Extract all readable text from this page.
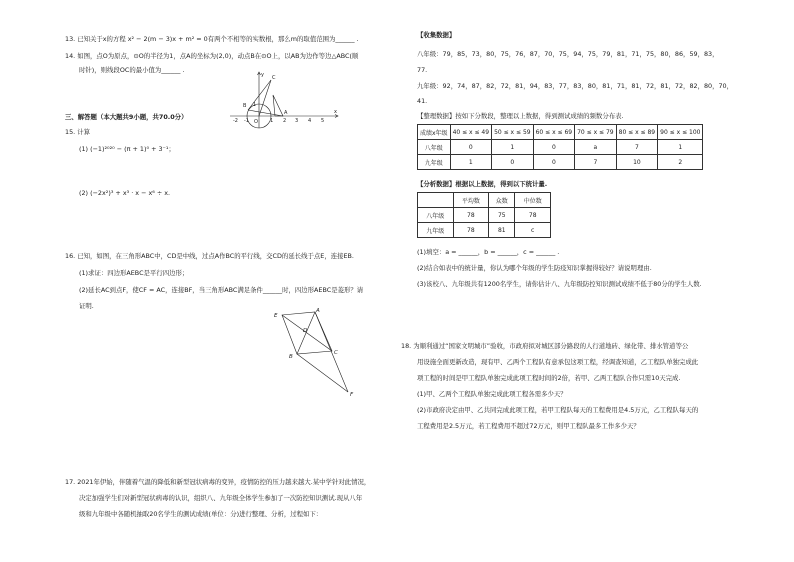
13. 已知关于x的方程 x² − 2(m − 3)x + m² = 0有两个不相等的实数根，那么m的取值范围为______ .
14. 如图，点O为原点，⊙O的半径为1，点A的坐标为(2,0)，动点B在⊙O上，以AB为边作等边△ABC(顺
时针)，则线段OC的最小值为______ .
y
x
O
A
B
C
-2 -1	1 2 3 4 5
1
三、解答题（本大题共9小题，共70.0分）
15. 计算
(1) (−1)²⁰²⁰ − (π + 1)⁰ + 3⁻¹；
(2) (−2x²)³ + x³ · x − x⁶ ÷ x.
16. 已知，如图，在三角形ABC中，CD是中线，过点A作BC的平行线，交CD的延长线于点E，连接EB.
(1)求证：四边形AEBC是平行四边形；
(2)延长AC到点F，使CF = AC，连接BF，当三角形ABC满足条件______时，四边形AEBC是菱形？请
证明.
E
A
D
B
C
F
17. 2021年伊始，伴随着气温的降低和新型冠状病毒的变异，疫情防控的压力越来越大.某中学针对此情况，
决定加强学生们对新型冠状病毒的认识，组织八、九年级全体学生参加了一次防控知识测试.现从八年
级和九年级中各随机抽取20名学生的测试成绩(单位：分)进行整理、分析，过程如下：
【收集数据】
八年级：79，85，73，80，75，76，87，70，75，94，75，79，81，71，75，80，86，59，83，
77.
九年级：92，74，87，82，72，81，94，83，77，83，80，81，71，81，72，81，72，82，80，70，
41.
【整理数据】按如下分数段，整理以上数据，得到测试成绩的频数分布表.
成绩x年级	40 ≤ x ≤ 49	50 ≤ x ≤ 59	60 ≤ x ≤ 69	70 ≤ x ≤ 79	80 ≤ x ≤ 89	90 ≤ x ≤ 100
八年级	0	1	0	a	7	1
九年级	1	0	0	7	10	2
【分析数据】根据以上数据，得到以下统计量.
	平均数	众数	中位数
八年级	78	75	78
九年级	78	81	c
(1)填空：a = ______，b = ______，c = ______ .
(2)结合如表中的统计量，你认为哪个年级的学生防疫知识掌握得较好？请说明理由.
(3)该校八、九年级共有1200名学生，请你估计八、九年级防控知识测试成绩不低于80分的学生人数.
18. 为顺利通过“国家文明城市”验收，市政府拟对城区部分路段的人行道地砖、绿化带、排水管道等公
用设施全面更新改造，现有甲、乙两个工程队有意承包这项工程，经调查知道，乙工程队单独完成此
项工程的时间是甲工程队单独完成此项工程时间的2倍，若甲、乙两工程队合作只需10天完成.
(1)甲、乙两个工程队单独完成此项工程各需多少天？
(2)市政府决定由甲、乙共同完成此项工程，若甲工程队每天的工程费用是4.5万元，乙工程队每天的
工程费用是2.5万元，若工程费用不超过72万元，则甲工程队最多工作多少天？
